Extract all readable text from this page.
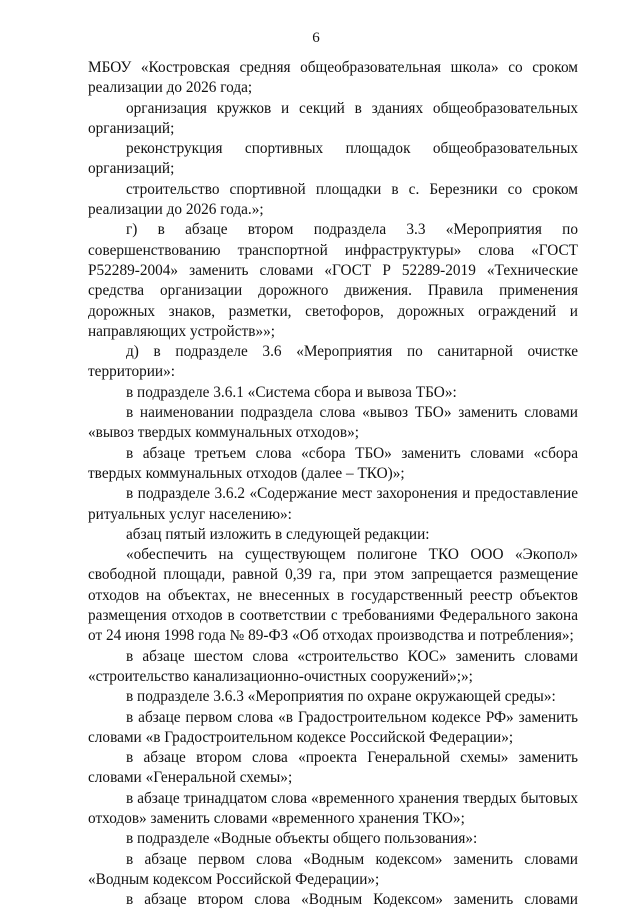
6

МБОУ «Костровская средняя общеобразовательная школа» со сроком реализации до 2026 года;

организация кружков и секций в зданиях общеобразовательных организаций;

реконструкция спортивных площадок общеобразовательных организаций;

строительство спортивной площадки в с. Березники со сроком реализации до 2026 года.»;

г) в абзаце втором подраздела 3.3 «Мероприятия по совершенствованию транспортной инфраструктуры» слова «ГОСТ Р52289-2004» заменить словами «ГОСТ Р 52289-2019 «Технические средства организации дорожного движения. Правила применения дорожных знаков, разметки, светофоров, дорожных ограждений и направляющих устройств»»;

д) в подразделе 3.6 «Мероприятия по санитарной очистке территории»:

в подразделе 3.6.1 «Система сбора и вывоза ТБО»:

в наименовании подраздела слова «вывоз ТБО» заменить словами «вывоз твердых коммунальных отходов»;

в абзаце третьем слова «сбора ТБО» заменить словами «сбора твердых коммунальных отходов (далее – ТКО)»;

в подразделе 3.6.2 «Содержание мест захоронения и предоставление ритуальных услуг населению»:

абзац пятый изложить в следующей редакции:

«обеспечить на существующем полигоне ТКО ООО «Экопол» свободной площади, равной 0,39 га, при этом запрещается размещение отходов на объектах, не внесенных в государственный реестр объектов размещения отходов в соответствии с требованиями Федерального закона от 24 июня 1998 года № 89-ФЗ «Об отходах производства и потребления»;

в абзаце шестом слова «строительство КОС» заменить словами «строительство канализационно-очистных сооружений»;»;

в подразделе 3.6.3 «Мероприятия по охране окружающей среды»:

в абзаце первом слова «в Градостроительном кодексе РФ» заменить словами «в Градостроительном кодексе Российской Федерации»;

в абзаце втором слова «проекта Генеральной схемы» заменить словами «Генеральной схемы»;

в абзаце тринадцатом слова «временного хранения твердых бытовых отходов» заменить словами «временного хранения ТКО»;

в подразделе «Водные объекты общего пользования»:

в абзаце первом слова «Водным кодексом» заменить словами «Водным кодексом Российской Федерации»;

в абзаце втором слова «Водным Кодексом» заменить словами
